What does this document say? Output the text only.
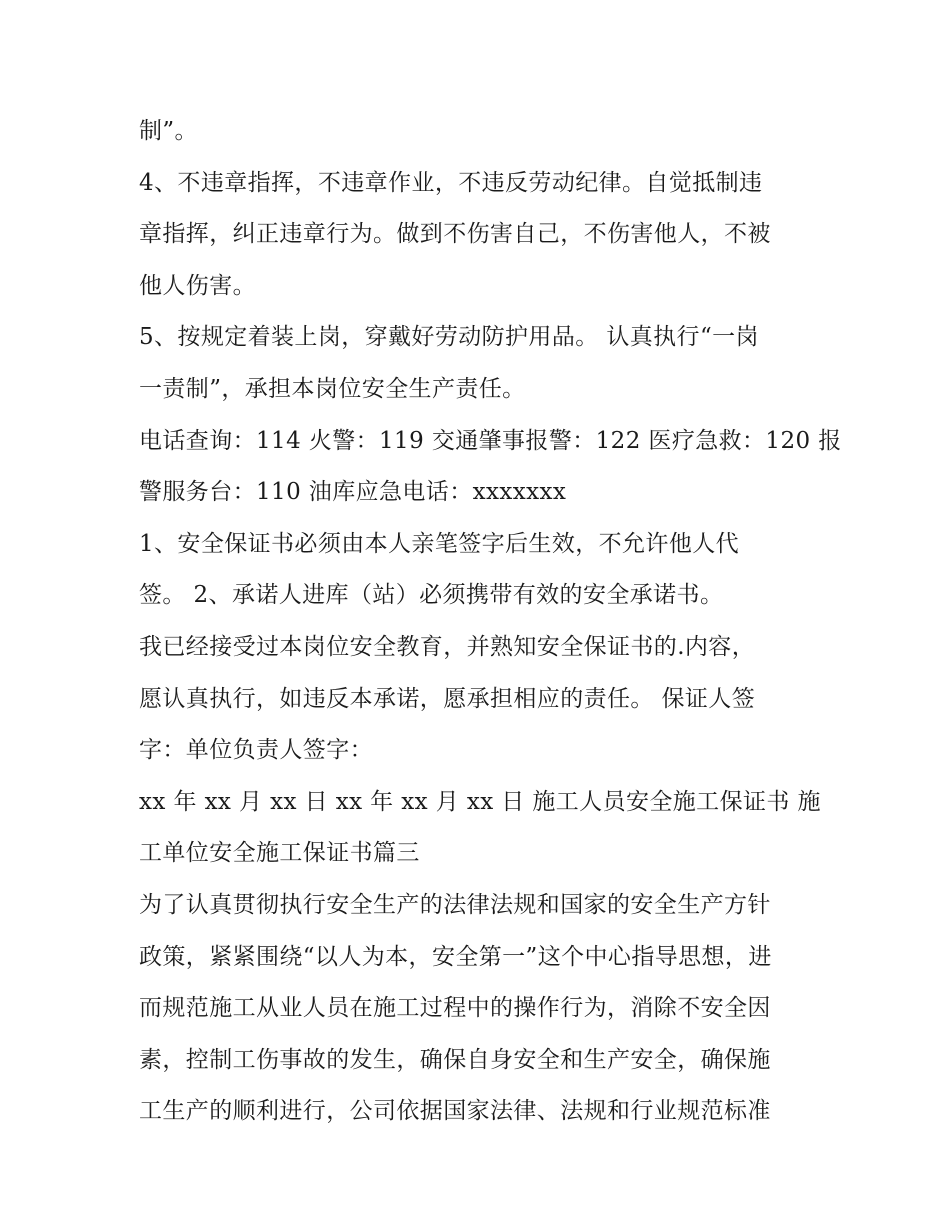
制”。
4、不违章指挥，不违章作业，不违反劳动纪律。自觉抵制违
章指挥，纠正违章行为。做到不伤害自己，不伤害他人，不被
他人伤害。
5、按规定着装上岗，穿戴好劳动防护用品。 认真执行“一岗
一责制”，承担本岗位安全生产责任。
电话查询：114 火警：119 交通肇事报警：122 医疗急救：120 报
警服务台：110 油库应急电话：xxxxxxx
1、安全保证书必须由本人亲笔签字后生效，不允许他人代
签。 2、承诺人进库（站）必须携带有效的安全承诺书。
我已经接受过本岗位安全教育，并熟知安全保证书的.内容，
愿认真执行，如违反本承诺，愿承担相应的责任。 保证人签
字：单位负责人签字：
xx 年 xx 月 xx 日 xx 年 xx 月 xx 日 施工人员安全施工保证书 施
工单位安全施工保证书篇三
为了认真贯彻执行安全生产的法律法规和国家的安全生产方针
政策，紧紧围绕“以人为本，安全第一”这个中心指导思想，进
而规范施工从业人员在施工过程中的操作行为，消除不安全因
素，控制工伤事故的发生，确保自身安全和生产安全，确保施
工生产的顺利进行，公司依据国家法律、法规和行业规范标准
